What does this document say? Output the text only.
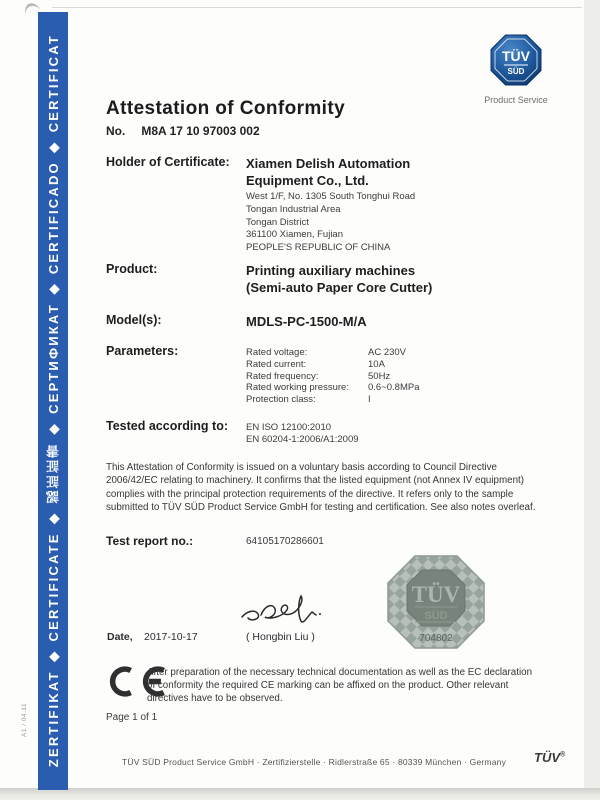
ZERTIFIKAT ◆ CERTIFICATE ◆ 認証証書 ◆ СЕРТИФИКАТ ◆ CERTIFICADO ◆ CERTIFICAT
A1 / 04.11
TÜV
SÜD
Product Service
Attestation of Conformity
No. M8A 17 10 97003 002
Holder of Certificate: Xiamen Delish Automation
Equipment Co., Ltd.
West 1/F, No. 1305 South Tonghui Road
Tongan Industrial Area
Tongan District
361100 Xiamen, Fujian
PEOPLE'S REPUBLIC OF CHINA
Product:	Printing auxiliary machines
(Semi-auto Paper Core Cutter)
Model(s):	MDLS-PC-1500-M/A
Parameters:	Rated voltage:	AC 230V
Rated current:	10A
Rated frequency:	50Hz
Rated working pressure:	0.6~0.8MPa
Protection class:	I
Tested according to: EN ISO 12100:2010
EN 60204-1:2006/A1:2009
This Attestation of Conformity is issued on a voluntary basis according to Council Directive 2006/42/EC relating to machinery. It confirms that the listed equipment (not Annex IV equipment) complies with the principal protection requirements of the directive. It refers only to the sample submitted to TÜV SÜD Product Service GmbH for testing and certification. See also notes overleaf.
Test report no.:	64105170286601
Date, 2017-10-17	( Hongbin Liu )
TÜV
SÜD
704802
After preparation of the necessary technical documentation as well as the EC declaration of conformity the required CE marking can be affixed on the product. Other relevant directives have to be observed.
Page 1 of 1
TÜV SÜD Product Service GmbH · Zertifizierstelle · Ridlerstraße 65 · 80339 München · Germany TÜV®
